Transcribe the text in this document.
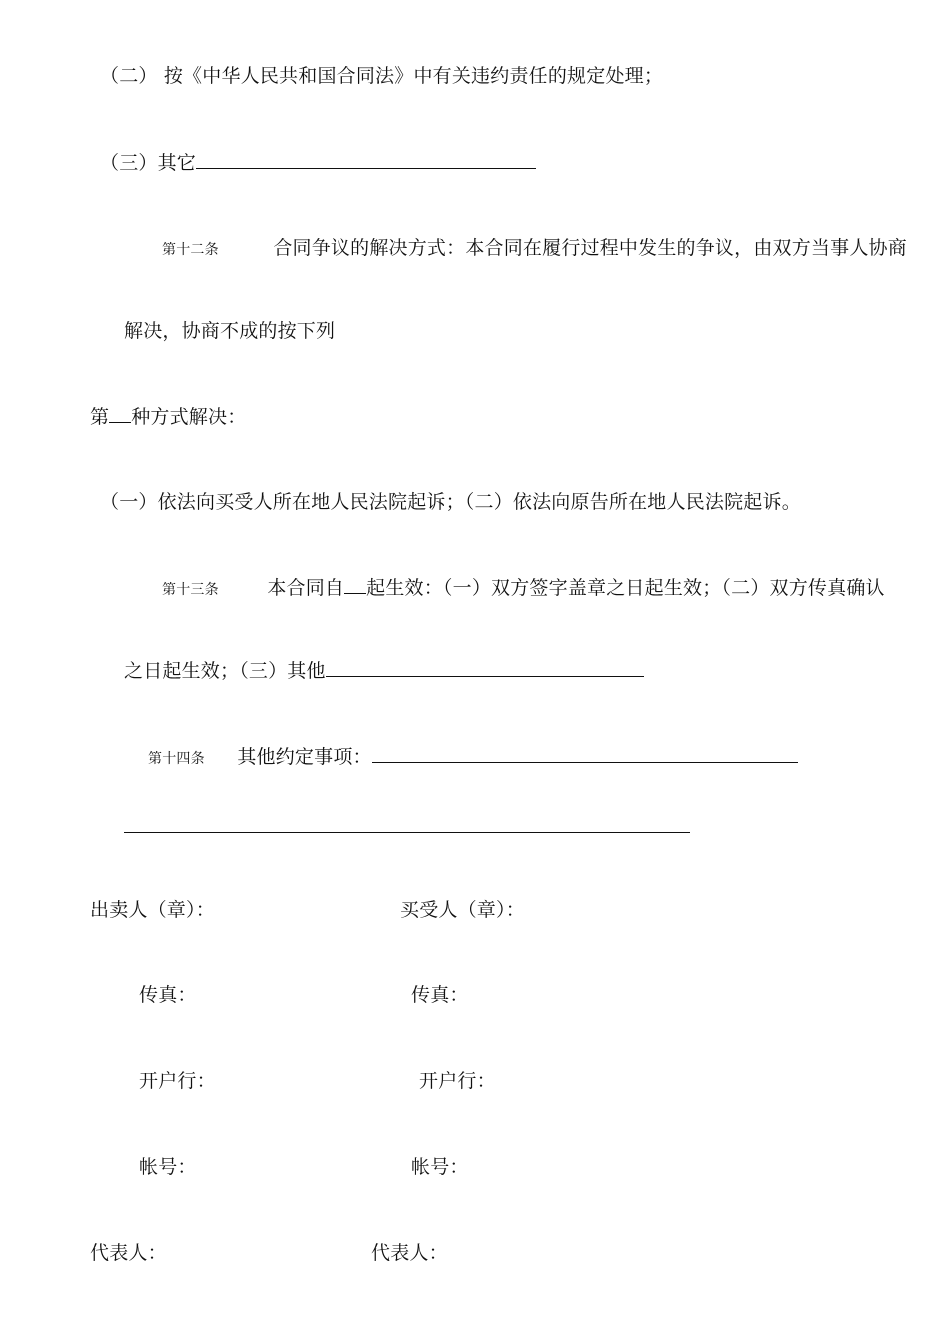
（二） 按《中华人民共和国合同法》中有关违约责任的规定处理；
（三）其它
第十二条	合同争议的解决方式：本合同在履行过程中发生的争议，由双方当事人协商
解决，协商不成的按下列
第 种方式解决：
（一）依法向买受人所在地人民法院起诉；（二）依法向原告所在地人民法院起诉。
第十三条	本合同自 起生效：（一）双方签字盖章之日起生效；（二）双方传真确认
之日起生效；（三）其他
第十四条 其他约定事项：
出卖人（章）：	买受人（章）：
传真：	传真：
开户行：	开户行：
帐号：	帐号：
代表人：	代表人：
